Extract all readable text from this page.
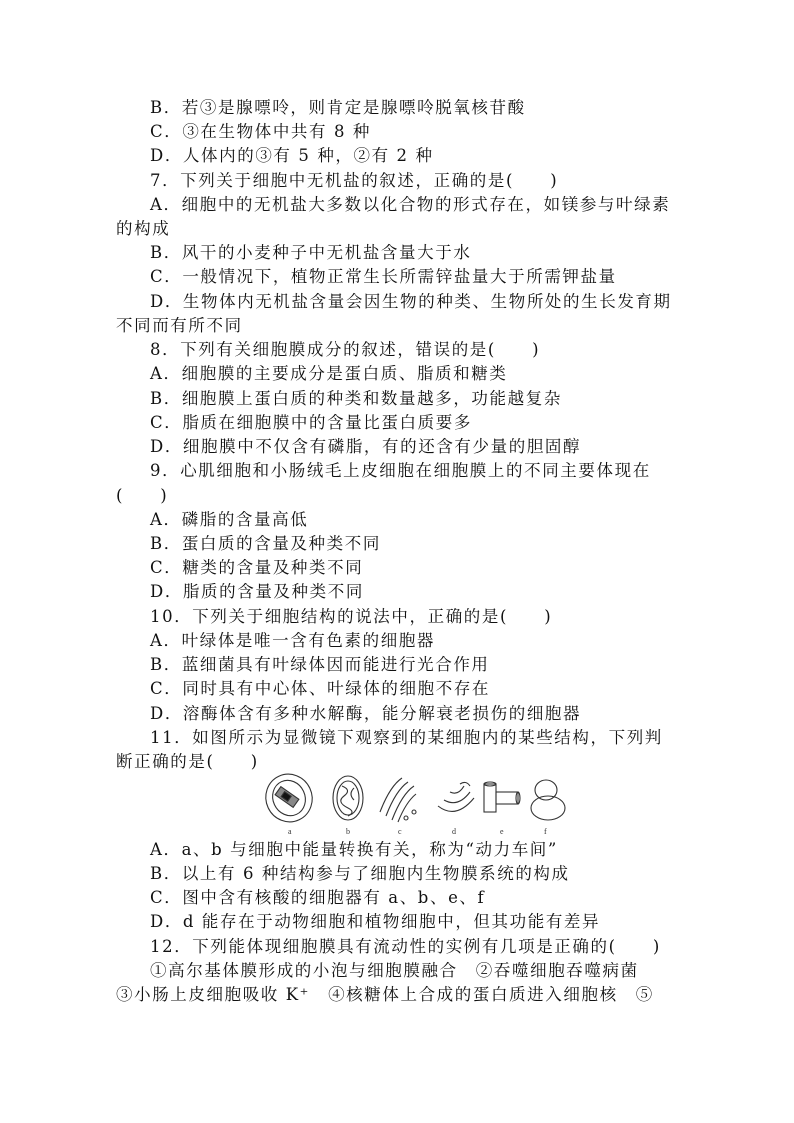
B．若③是腺嘌呤，则肯定是腺嘌呤脱氧核苷酸
C．③在生物体中共有 8 种
D．人体内的③有 5 种，②有 2 种
7．下列关于细胞中无机盐的叙述，正确的是(　　)
A．细胞中的无机盐大多数以化合物的形式存在，如镁参与叶绿素
的构成
B．风干的小麦种子中无机盐含量大于水
C．一般情况下，植物正常生长所需锌盐量大于所需钾盐量
D．生物体内无机盐含量会因生物的种类、生物所处的生长发育期
不同而有所不同
8．下列有关细胞膜成分的叙述，错误的是(　　)
A．细胞膜的主要成分是蛋白质、脂质和糖类
B．细胞膜上蛋白质的种类和数量越多，功能越复杂
C．脂质在细胞膜中的含量比蛋白质要多
D．细胞膜中不仅含有磷脂，有的还含有少量的胆固醇
9．心肌细胞和小肠绒毛上皮细胞在细胞膜上的不同主要体现在
(　　)
A．磷脂的含量高低
B．蛋白质的含量及种类不同
C．糖类的含量及种类不同
D．脂质的含量及种类不同
10．下列关于细胞结构的说法中，正确的是(　　)
A．叶绿体是唯一含有色素的细胞器
B．蓝细菌具有叶绿体因而能进行光合作用
C．同时具有中心体、叶绿体的细胞不存在
D．溶酶体含有多种水解酶，能分解衰老损伤的细胞器
11．如图所示为显微镜下观察到的某细胞内的某些结构，下列判
断正确的是(　　)
a	b	c	d	e	f
A．a、b 与细胞中能量转换有关，称为“动力车间”
B．以上有 6 种结构参与了细胞内生物膜系统的构成
C．图中含有核酸的细胞器有 a、b、e、f
D．d 能存在于动物细胞和植物细胞中，但其功能有差异
12．下列能体现细胞膜具有流动性的实例有几项是正确的(　　)
①高尔基体膜形成的小泡与细胞膜融合　②吞噬细胞吞噬病菌
③小肠上皮细胞吸收 K⁺　④核糖体上合成的蛋白质进入细胞核　⑤
